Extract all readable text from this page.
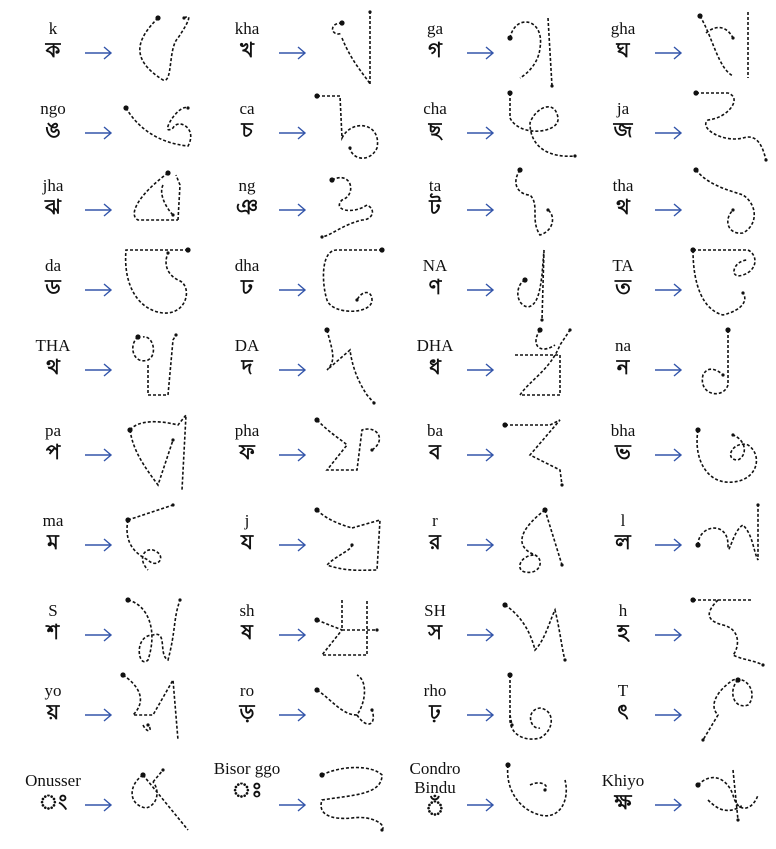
k
ক
kha
খ
ga
গ
gha
ঘ
ngo
ঙ
ca
চ
cha
ছ
ja
জ
jha
ঝ
ng
ঞ
ta
ট
tha
থ
da
ড
dha
ঢ
NA
ণ
TA
ত
THA
থ
DA
দ
DHA
ধ
na
ন
pa
প
pha
ফ
ba
ব
bha
ভ
ma
ম
j
য
r
র
l
ল
S
শ
sh
ষ
SH
স
h
হ
yo
য়
ro
ড়
rho
ঢ়
T
ৎ
Onusser
ং
Bisor ggo
ঃ
Condro Bindu
ঁ
Khiyo
ক্ষ
